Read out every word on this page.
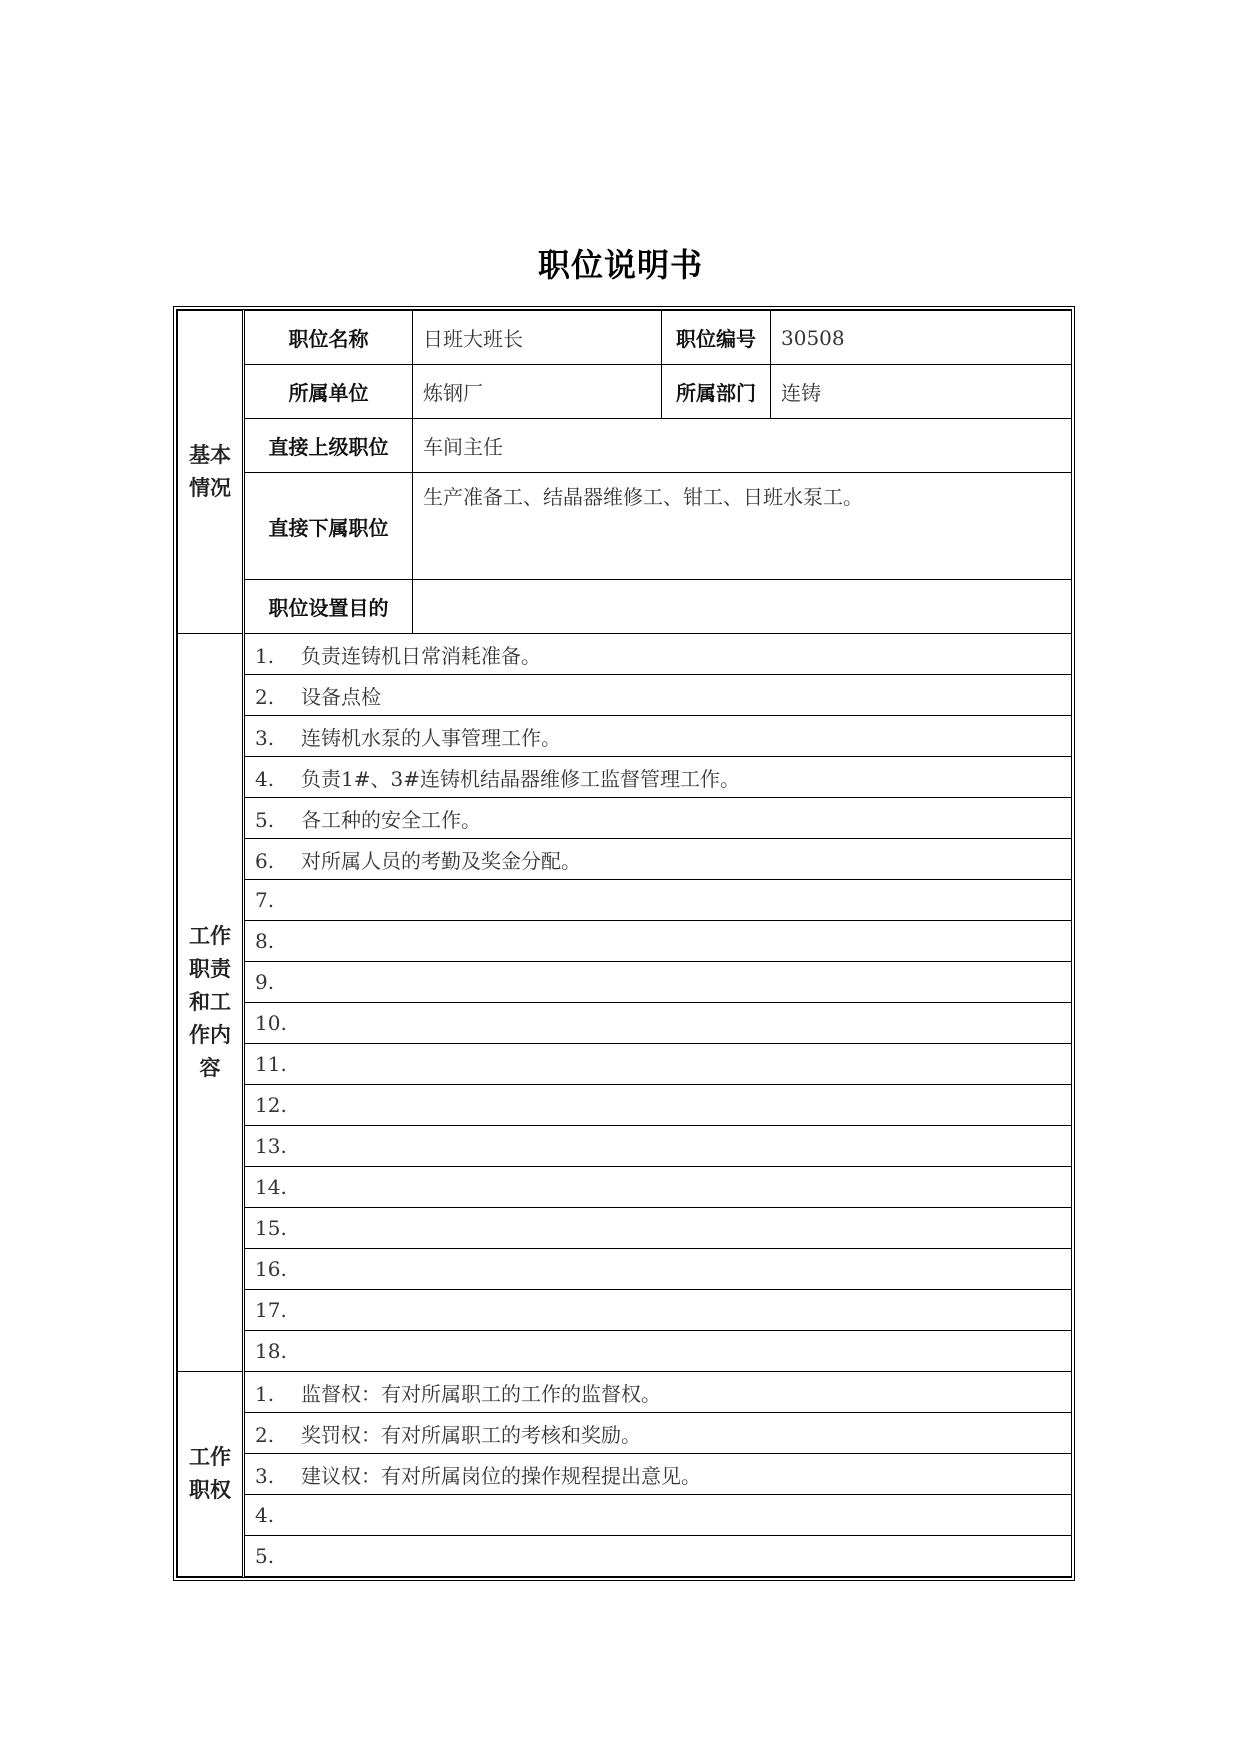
职位说明书
基本情况	职位名称	日班大班长	职位编号	30508
	所属单位	炼钢厂	所属部门	连铸
	直接上级职位	车间主任		
	直接下属职位	生产准备工、结晶器维修工、钳工、日班水泵工。		
	职位设置目的			
工作职责和工作内容	1. 负责连铸机日常消耗准备。			
	2. 设备点检			
	3. 连铸机水泵的人事管理工作。			
	4. 负责1#、3#连铸机结晶器维修工监督管理工作。			
	5. 各工种的安全工作。			
	6. 对所属人员的考勤及奖金分配。			
	7.			
	8.			
	9.			
	10.			
	11.			
	12.			
	13.			
	14.			
	15.			
	16.			
	17.			
	18.			
工作职权	1. 监督权：有对所属职工的工作的监督权。			
	2. 奖罚权：有对所属职工的考核和奖励。			
	3. 建议权：有对所属岗位的操作规程提出意见。			
	4.			
	5.			
